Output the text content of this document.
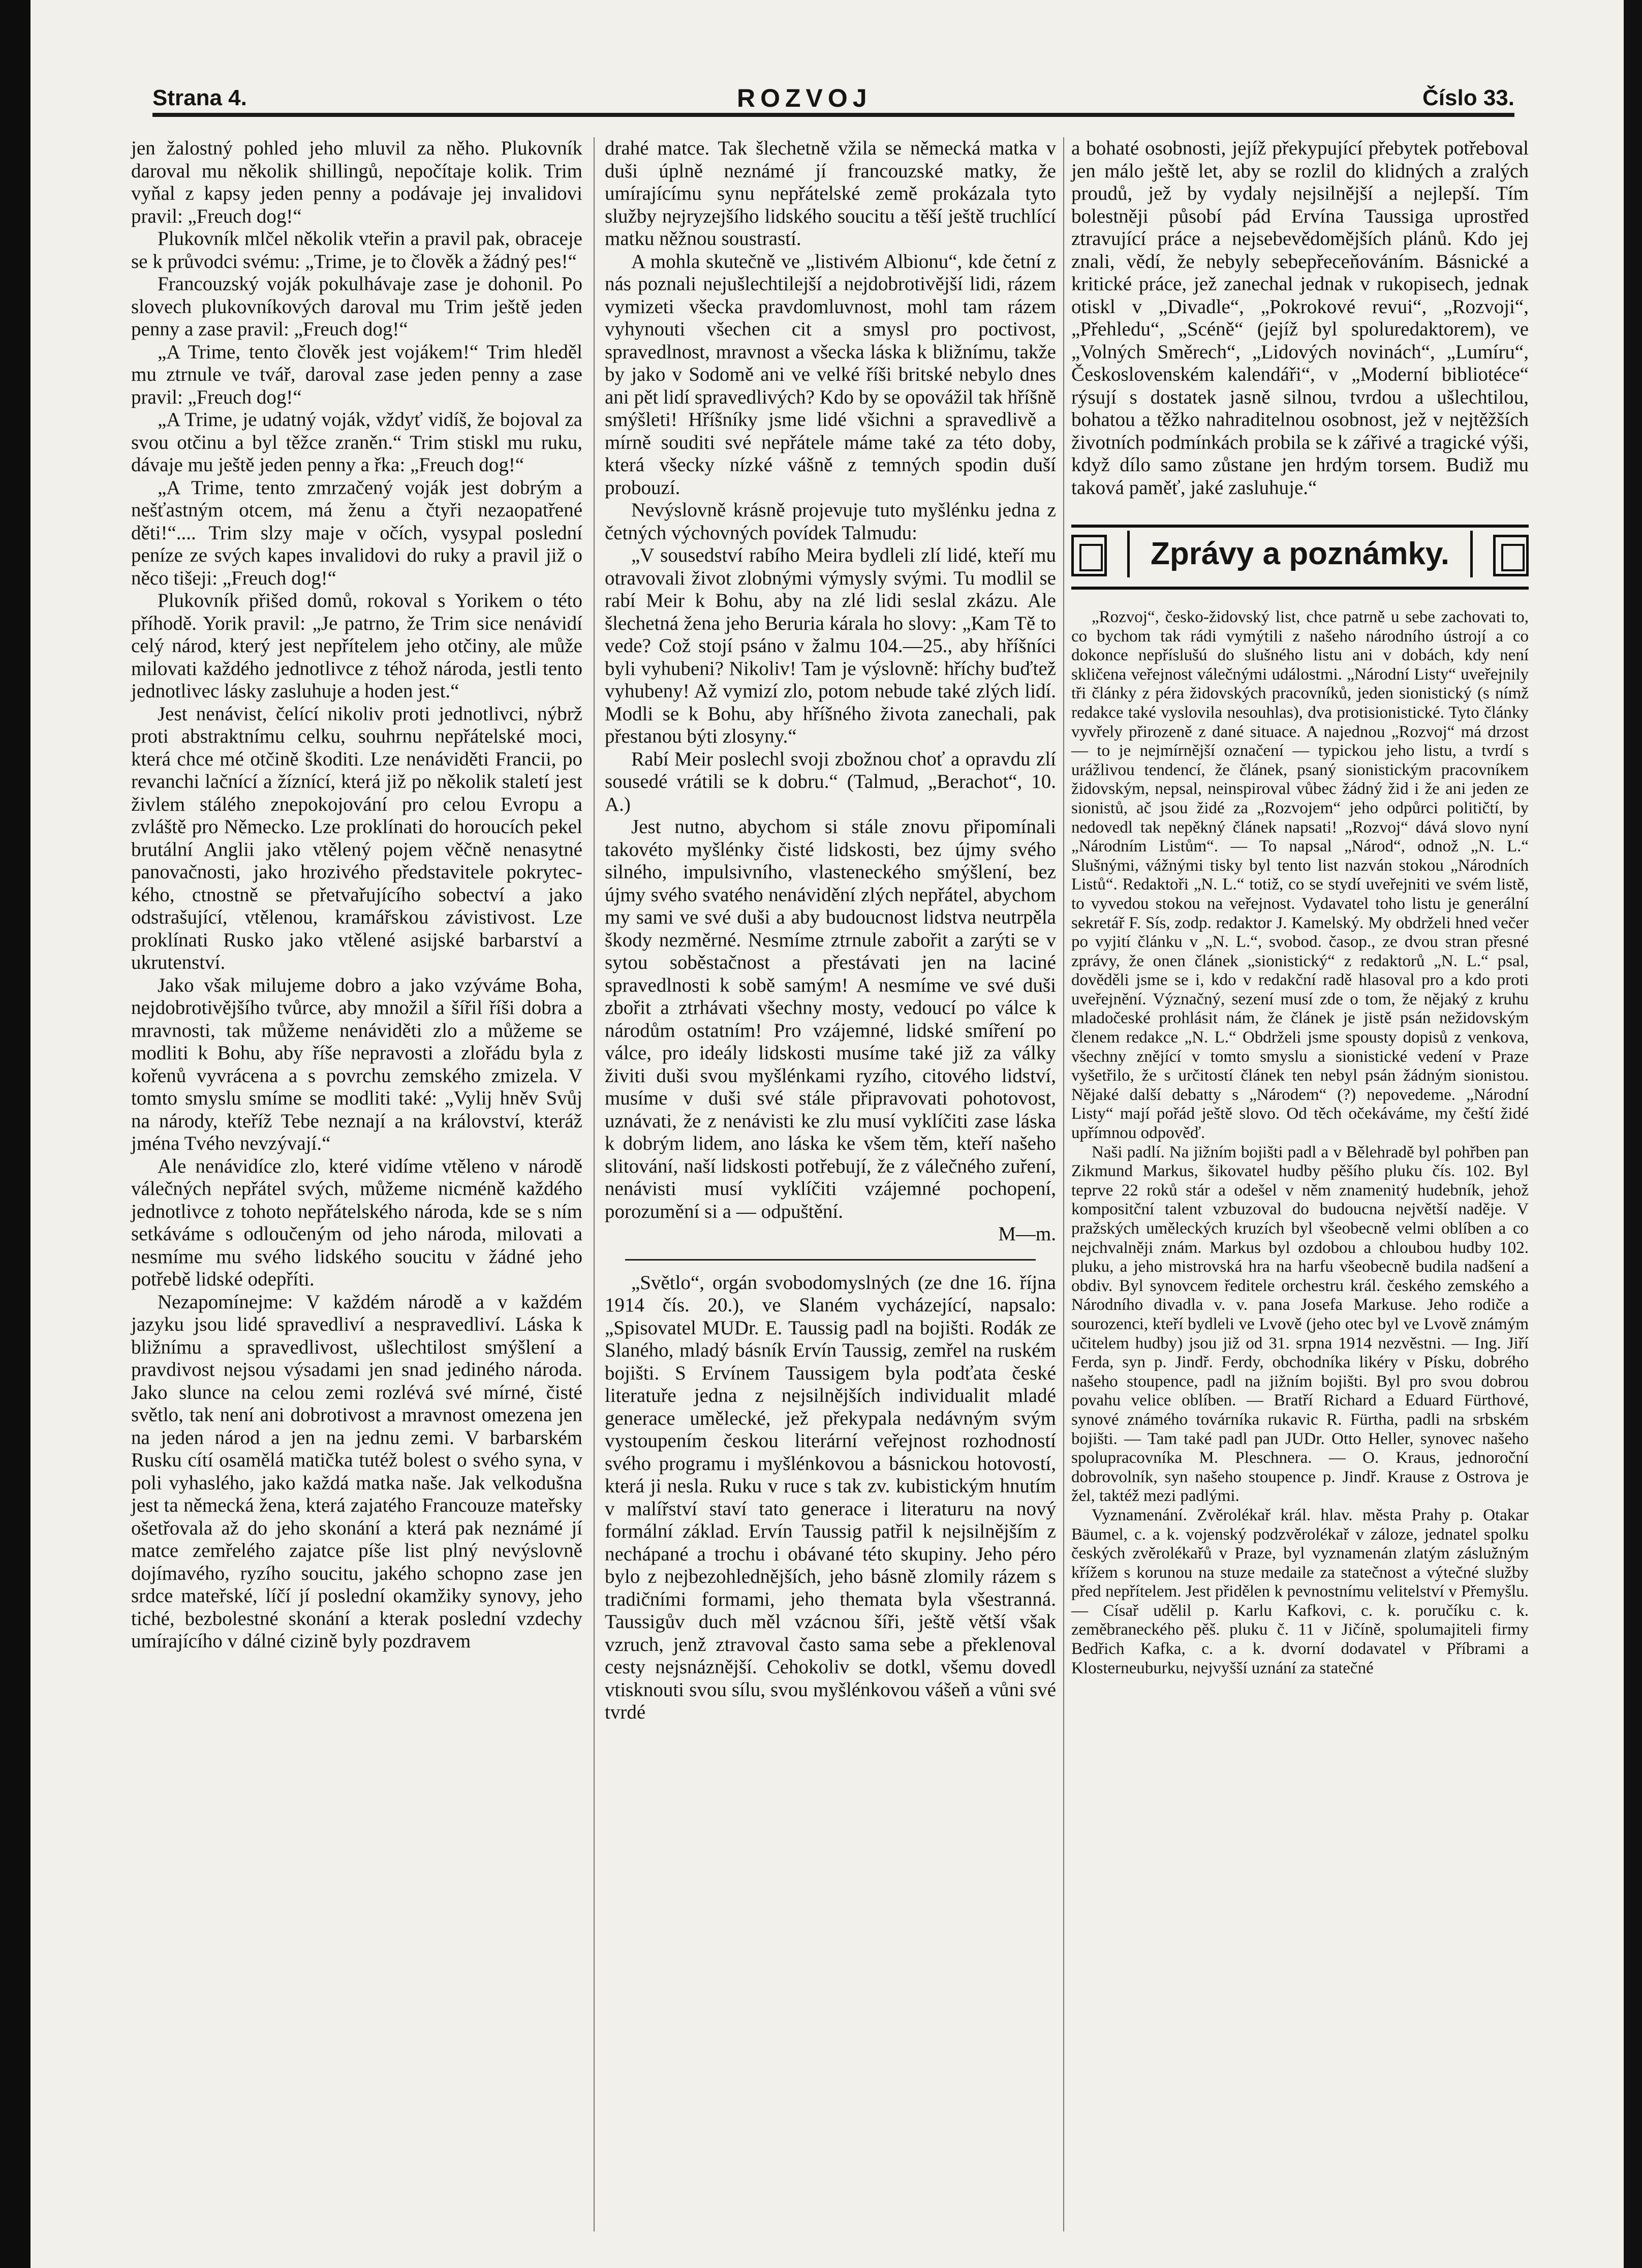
Strana 4.	ROZVOJ	Číslo 33.

jen žalostný pohled jeho mluvil za něho. Plukovník daroval mu několik shillingů, nepočítaje kolik. Trim vyňal z kapsy jeden penny a podávaje jej invalidovi pravil: „Freuch dog!“

Plukovník mlčel několik vteřin a pravil pak, obraceje se k průvodci svému: „Trime, je to člověk a žádný pes!“

Francouzský voják pokulhávaje zase je dohonil. Po slovech plukovníkových daroval mu Trim ještě jeden penny a zase pravil: „Freuch dog!“

„A Trime, tento člověk jest vojákem!“ Trim hleděl mu ztrnule ve tvář, daroval zase jeden penny a zase pravil: „Freuch dog!“

„A Trime, je udatný voják, vždyť vidíš, že bojoval za svou otčinu a byl těžce zraněn.“ Trim stiskl mu ruku, dávaje mu ještě jeden penny a řka: „Freuch dog!“

„A Trime, tento zmrzačený voják jest dobrým a nešťastným otcem, má ženu a čtyři nezaopatřené děti!“.... Trim slzy maje v očích, vysypal poslední peníze ze svých kapes invalidovi do ruky a pravil již o něco tišeji: „Freuch dog!“

Plukovník přišed domů, rokoval s Yorikem o této příhodě. Yorik pravil: „Je patrno, že Trim sice nenávidí celý národ, který jest nepřítelem jeho otčiny, ale může milovati každého jednotlivce z téhož národa, jestli tento jednotlivec lásky zasluhuje a hoden jest.“

Jest nenávist, čelící nikoliv proti jednotlivci, nýbrž proti abstraktnímu celku, souhrnu nepřátelské moci, která chce mé otčině škoditi. Lze nenáviděti Francii, po revanchi lačnící a žíznící, která již po několik staletí jest živlem stálého znepokojování pro celou Evropu a zvláště pro Německo. Lze proklínati do horoucích pekel brutální Anglii jako vtělený pojem věčně nenasytné panovačnosti, jako hrozivého představitele pokryteckého, ctnostně se přetvařujícího sobectví a jako odstrašující, vtělenou, kramářskou závistivost. Lze proklínati Rusko jako vtělené asijské barbarství a ukrutenství.

Jako však milujeme dobro a jako vzýváme Boha, nejdobrotivějšího tvůrce, aby množil a šířil říši dobra a mravnosti, tak můžeme nenáviděti zlo a můžeme se modliti k Bohu, aby říše nepravosti a zlořádu byla z kořenů vyvrácena a s povrchu zemského zmizela. V tomto smyslu smíme se modliti také: „Vylij hněv Svůj na národy, kteříž Tebe neznají a na království, kteráž jména Tvého nevzývají.“

Ale nenávidíce zlo, které vidíme vtěleno v národě válečných nepřátel svých, můžeme nicméně každého jednotlivce z tohoto nepřátelského národa, kde se s ním setkáváme s odloučeným od jeho národa, milovati a nesmíme mu svého lidského soucitu v žádné jeho potřebě lidské odepříti.

Nezapomínejme: V každém národě a v každém jazyku jsou lidé spravedliví a nespravedliví. Láska k bližnímu a spravedlivost, ušlechtilost smýšlení a pravdivost nejsou výsadami jen snad jediného národa. Jako slunce na celou zemi rozlévá své mírné, čisté světlo, tak není ani dobrotivost a mravnost omezena jen na jeden národ a jen na jednu zemi. V barbarském Rusku cítí osamělá matička tutéž bolest o svého syna, v poli vyhaslého, jako každá matka naše. Jak velkodušna jest ta německá žena, která zajatého Francouze mateřsky ošetřovala až do jeho skonání a která pak neznámé jí matce zemřelého zajatce píše list plný nevýslovně dojímavého, ryzího soucitu, jakého schopno zase jen srdce mateřské, líčí jí poslední okamžiky synovy, jeho tiché, bezbolestné skonání a kterak poslední vzdechy umírajícího v dálné cizině byly pozdravem

drahé matce. Tak šlechetně vžila se německá matka v duši úplně neznámé jí francouzské matky, že umírajícímu synu nepřátelské země prokázala tyto služby nejryzejšího lidského soucitu a těší ještě truchlící matku něžnou soustrastí.

A mohla skutečně ve „listivém Albionu“, kde četní z nás poznali nejušlechtilejší a nejdobrotivější lidi, rázem vymizeti všecka pravdomluvnost, mohl tam rázem vyhynouti všechen cit a smysl pro poctivost, spravedlnost, mravnost a všecka láska k bližnímu, takže by jako v Sodomě ani ve velké říši britské nebylo dnes ani pět lidí spravedlivých? Kdo by se opovážil tak hříšně smýšleti! Hříšníky jsme lidé všichni a spravedlivě a mírně souditi své nepřátele máme také za této doby, která všecky nízké vášně z temných spodin duší probouzí.

Nevýslovně krásně projevuje tuto myšlénku jedna z četných výchovných povídek Talmudu:

„V sousedství rabího Meira bydleli zlí lidé, kteří mu otravovali život zlobnými výmysly svými. Tu modlil se rabí Meir k Bohu, aby na zlé lidi seslal zkázu. Ale šlechetná žena jeho Beruria kárala ho slovy: „Kam Tě to vede? Což stojí psáno v žalmu 104.—25., aby hříšníci byli vyhubeni? Nikoliv! Tam je výslovně: hříchy buďtež vyhubeny! Až vymizí zlo, potom nebude také zlých lidí. Modli se k Bohu, aby hříšného života zanechali, pak přestanou býti zlosyny.“

Rabí Meir poslechl svoji zbožnou choť a opravdu zlí sousedé vrátili se k dobru.“ (Talmud, „Berachot“, 10. A.)

Jest nutno, abychom si stále znovu připomínali takovéto myšlénky čisté lidskosti, bez újmy svého silného, impulsivního, vlasteneckého smýšlení, bez újmy svého svatého nenávidění zlých nepřátel, abychom my sami ve své duši a aby budoucnost lidstva neutrpěla škody nezměrné. Nesmíme ztrnule zabořit a zarýti se v sytou soběstačnost a přestávati jen na laciné spravedlnosti k sobě samým! A nesmíme ve své duši zbořit a ztrhávati všechny mosty, vedoucí po válce k národům ostatním! Pro vzájemné, lidské smíření po válce, pro ideály lidskosti musíme také již za války živiti duši svou myšlénkami ryzího, citového lidství, musíme v duši své stále připravovati pohotovost, uznávati, že z nenávisti ke zlu musí vyklíčiti zase láska k dobrým lidem, ano láska ke všem těm, kteří našeho slitování, naší lidskosti potřebují, že z válečného zuření, nenávisti musí vyklíčiti vzájemné pochopení, porozumění si a — odpuštění.

M—m.

„Světlo“, orgán svobodomyslných (ze dne 16. října 1914 čís. 20.), ve Slaném vycházející, napsalo: „Spisovatel MUDr. E. Taussig padl na bojišti. Rodák ze Slaného, mladý básník Ervín Taussig, zemřel na ruském bojišti. S Ervínem Taussigem byla podťata české literatuře jedna z nejsilnějších individualit mladé generace umělecké, jež překypala nedávným svým vystoupením českou literární veřejnost rozhodností svého programu i myšlénkovou a básnickou hotovostí, která ji nesla. Ruku v ruce s tak zv. kubistickým hnutím v malířství staví tato generace i literaturu na nový formální základ. Ervín Taussig patřil k nejsilnějším z nechápané a trochu i obávané této skupiny. Jeho péro bylo z nejbezohlednějších, jeho básně zlomily rázem s tradičními formami, jeho themata byla všestranná. Taussigův duch měl vzácnou šíři, ještě větší však vzruch, jenž ztravoval často sama sebe a překlenoval cesty nejsnáznější. Cehokoliv se dotkl, všemu dovedl vtisknouti svou sílu, svou myšlénkovou vášeň a vůni své tvrdé

a bohaté osobnosti, jejíž překypující přebytek potřeboval jen málo ještě let, aby se rozlil do klidných a zralých proudů, jež by vydaly nejsilnější a nejlepší. Tím bolestněji působí pád Ervína Taussiga uprostřed ztravující práce a nejsebevědomějších plánů. Kdo jej znali, vědí, že nebyly sebepřeceňováním. Básnické a kritické práce, jež zanechal jednak v rukopisech, jednak otiskl v „Divadle“, „Pokrokové revui“, „Rozvoji“, „Přehledu“, „Scéně“ (jejíž byl spoluredaktorem), ve „Volných Směrech“, „Lidových novinách“, „Lumíru“, Československém kalendáři“, v „Moderní bibliotéce“ rýsují s dostatek jasně silnou, tvrdou a ušlechtilou, bohatou a těžko nahraditelnou osobnost, jež v nejtěžších životních podmínkách probila se k zářivé a tragické výši, když dílo samo zůstane jen hrdým torsem. Budiž mu taková paměť, jaké zasluhuje.“

Zprávy a poznámky.

„Rozvoj“, česko-židovský list, chce patrně u sebe zachovati to, co bychom tak rádi vymýtili z našeho národního ústrojí a co dokonce nepříslušú do slušného listu ani v dobách, kdy není skličena veřejnost válečnými událostmi. „Národní Listy“ uveřejnily tři články z péra židovských pracovníků, jeden sionistický (s nímž redakce také vyslovila nesouhlas), dva protisionistické. Tyto články vyvřely přirozeně z dané situace. A najednou „Rozvoj“ má drzost — to je nejmírnější označení — typickou jeho listu, a tvrdí s urážlivou tendencí, že článek, psaný sionistickým pracovníkem židovským, nepsal, neinspiroval vůbec žádný žid i že ani jeden ze sionistů, ač jsou židé za „Rozvojem“ jeho odpůrci političtí, by nedovedl tak nepěkný článek napsati! „Rozvoj“ dává slovo nyní „Národním Listům“. — To napsal „Národ“, odnož „N. L.“ Slušnými, vážnými tisky byl tento list nazván stokou „Národních Listů“. Redaktoři „N. L.“ totiž, co se stydí uveřejniti ve svém listě, to vyvedou stokou na veřejnost. Vydavatel toho listu je generální sekretář F. Sís, zodp. redaktor J. Kamelský. My obdrželi hned večer po vyjití článku v „N. L.“, svobod. časop., ze dvou stran přesné zprávy, že onen článek „sionistický“ z redaktorů „N. L.“ psal, dověděli jsme se i, kdo v redakční radě hlasoval pro a kdo proti uveřejnění. Význačný, sezení musí zde o tom, že nějaký z kruhu mladočeské prohlásit nám, že článek je jistě psán nežidovským členem redakce „N. L.“ Obdrželi jsme spousty dopisů z venkova, všechny znějící v tomto smyslu a sionistické vedení v Praze vyšetřilo, že s určitostí článek ten nebyl psán žádným sionistou. Nějaké další debatty s „Národem“ (?) nepovedeme. „Národní Listy“ mají pořád ještě slovo. Od těch očekáváme, my čeští židé upřímnou odpověď.

Naši padlí. Na jižním bojišti padl a v Bělehradě byl pohřben pan Zikmund Markus, šikovatel hudby pěšího pluku čís. 102. Byl teprve 22 roků stár a odešel v něm znamenitý hudebník, jehož kompositční talent vzbuzoval do budoucna největší naděje. V pražských uměleckých kruzích byl všeobecně velmi oblíben a co nejchvalněji znám. Markus byl ozdobou a chloubou hudby 102. pluku, a jeho mistrovská hra na harfu všeobecně budila nadšení a obdiv. Byl synovcem ředitele orchestru král. českého zemského a Národního divadla v. v. pana Josefa Markuse. Jeho rodiče a sourozenci, kteří bydleli ve Lvově (jeho otec byl ve Lvově známým učitelem hudby) jsou již od 31. srpna 1914 nezvěstni. — Ing. Jiří Ferda, syn p. Jindř. Ferdy, obchodníka likéry v Písku, dobrého našeho stoupence, padl na jižním bojišti. Byl pro svou dobrou povahu velice oblíben. — Bratří Richard a Eduard Fürthové, synové známého továrníka rukavic R. Fürtha, padli na srbském bojišti. — Tam také padl pan JUDr. Otto Heller, synovec našeho spolupracovníka M. Pleschnera. — O. Kraus, jednoroční dobrovolník, syn našeho stoupence p. Jindř. Krause z Ostrova je žel, taktéž mezi padlými.

Vyznamenání. Zvěrolékař král. hlav. města Prahy p. Otakar Bäumel, c. a k. vojenský podzvěrolékař v záloze, jednatel spolku českých zvěrolékařů v Praze, byl vyznamenán zlatým záslužným křížem s korunou na stuze medaile za statečnost a výtečné služby před nepřítelem. Jest přidělen k pevnostnímu velitelství v Přemyšlu. — Císař udělil p. Karlu Kafkovi, c. k. poručíku c. k. zeměbraneckého pěš. pluku č. 11 v Jičíně, spolumajiteli firmy Bedřich Kafka, c. a k. dvorní dodavatel v Příbrami a Klosterneuburku, nejvyšší uznání za statečné
